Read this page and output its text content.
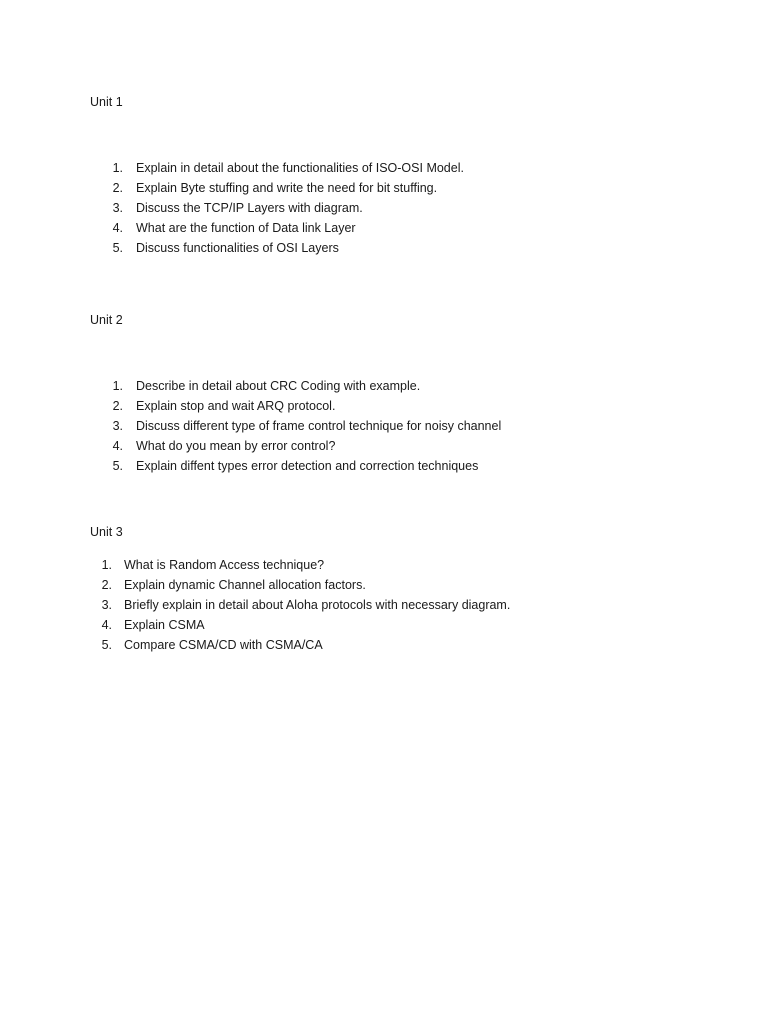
Unit 1
1. Explain in detail about the functionalities of ISO-OSI Model.
2. Explain Byte stuffing and write the need for bit stuffing.
3. Discuss the TCP/IP Layers with diagram.
4. What are the function of Data link Layer
5. Discuss functionalities of OSI Layers
Unit 2
1. Describe in detail about CRC Coding with example.
2. Explain stop and wait ARQ protocol.
3. Discuss different type of frame control technique for noisy channel
4. What do you mean by error control?
5. Explain diffent types error detection and correction techniques
Unit 3
1. What is Random Access technique?
2. Explain dynamic Channel allocation factors.
3. Briefly explain in detail about Aloha protocols with necessary diagram.
4. Explain CSMA
5. Compare CSMA/CD with CSMA/CA
